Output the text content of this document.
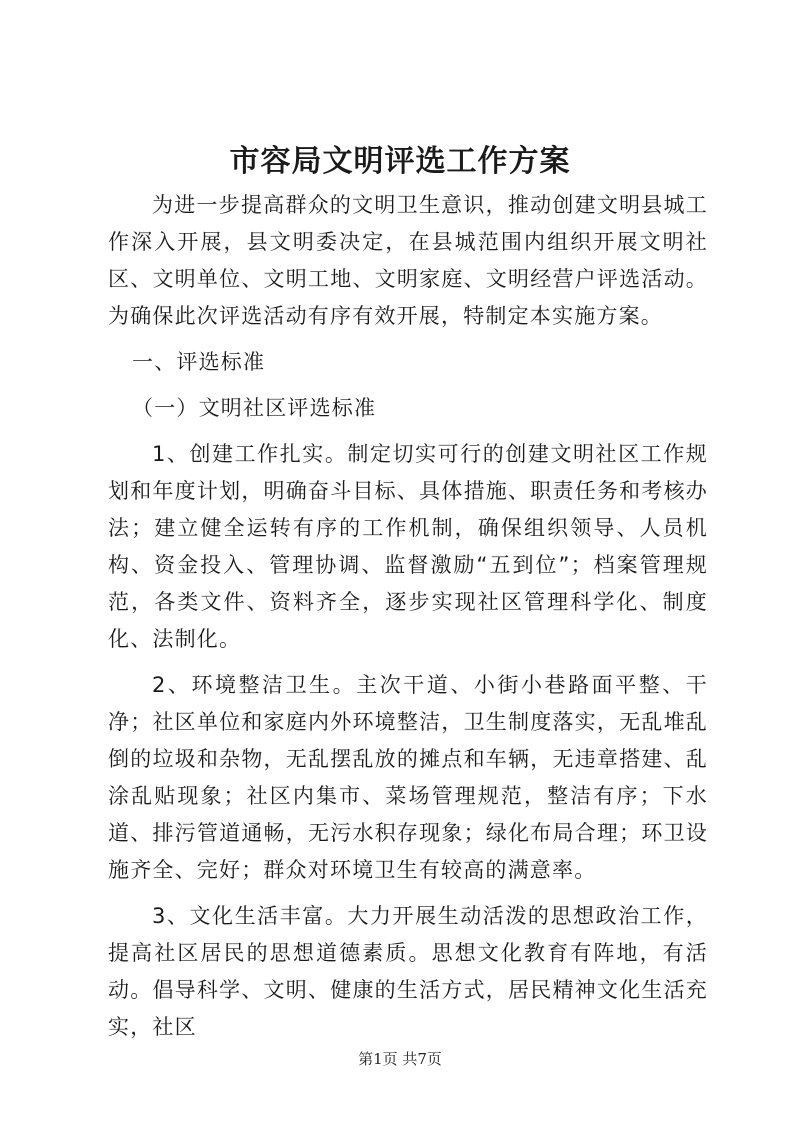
市容局文明评选工作方案

为进一步提高群众的文明卫生意识，推动创建文明县城工作深入开展，县文明委决定，在县城范围内组织开展文明社区、文明单位、文明工地、文明家庭、文明经营户评选活动。为确保此次评选活动有序有效开展，特制定本实施方案。

一、评选标准

（一）文明社区评选标准

1、创建工作扎实。制定切实可行的创建文明社区工作规划和年度计划，明确奋斗目标、具体措施、职责任务和考核办法；建立健全运转有序的工作机制，确保组织领导、人员机构、资金投入、管理协调、监督激励“五到位”；档案管理规范，各类文件、资料齐全，逐步实现社区管理科学化、制度化、法制化。

2、环境整洁卫生。主次干道、小街小巷路面平整、干净；社区单位和家庭内外环境整洁，卫生制度落实，无乱堆乱倒的垃圾和杂物，无乱摆乱放的摊点和车辆，无违章搭建、乱涂乱贴现象；社区内集市、菜场管理规范，整洁有序；下水道、排污管道通畅，无污水积存现象；绿化布局合理；环卫设施齐全、完好；群众对环境卫生有较高的满意率。

3、文化生活丰富。大力开展生动活泼的思想政治工作，提高社区居民的思想道德素质。思想文化教育有阵地，有活动。倡导科学、文明、健康的生活方式，居民精神文化生活充实，社区

第1页 共7页
